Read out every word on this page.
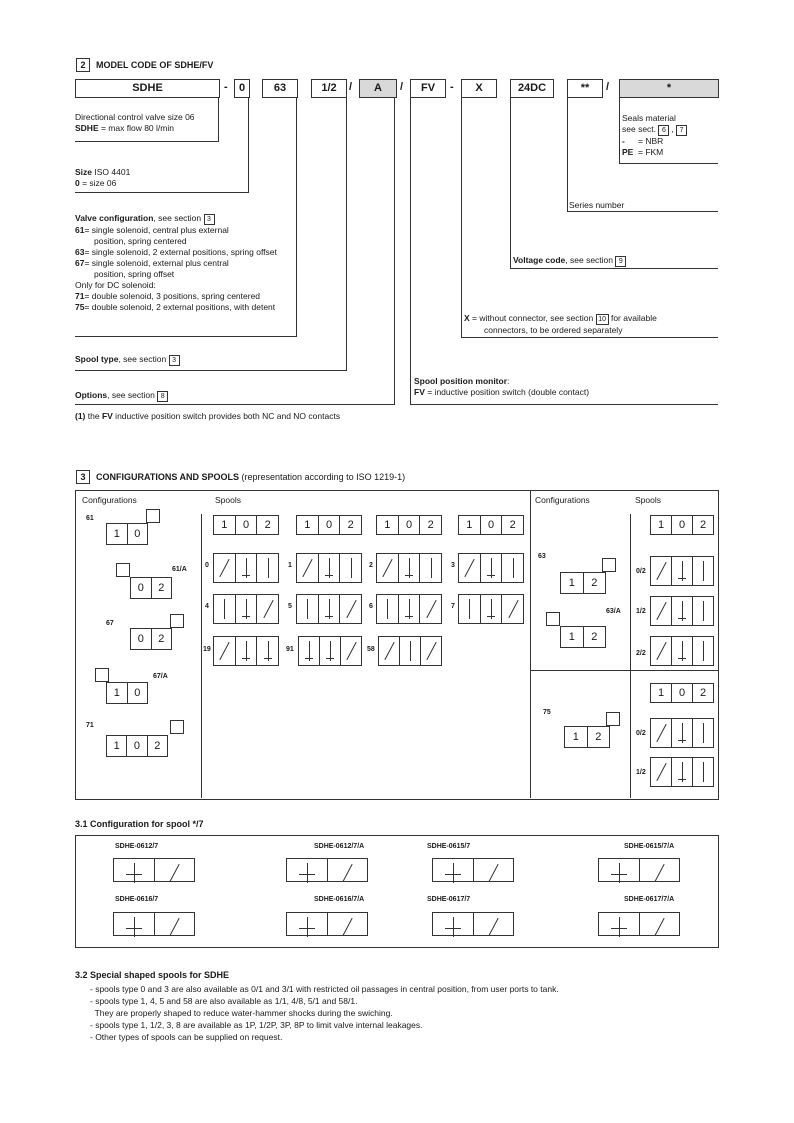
2 MODEL CODE OF SDHE/FV
SDHE	-	0	63	1/2	/	A	/	FV	-	X	24DC	**	/	*
Directional control valve size 06
SDHE = max flow 80 l/min
Size ISO 4401
0 = size 06
Valve configuration, see section 3
61= single solenoid, central plus external
position, spring centered
63= single solenoid, 2 external positions, spring offset
67= single solenoid, external plus central
position, spring offset
Only for DC solenoid:
71= double solenoid, 3 positions, spring centered
75= double solenoid, 2 external positions, with detent
Spool type, see section 3
Options, see section 8
Seals material
see sect. 6 , 7
- = NBR
PE = FKM
Series number
Voltage code, see section 9
X = without connector, see section 10 for available
connectors, to be ordered separately
Spool position monitor:
FV = inductive position switch (double contact)
(1) the FV inductive position switch provides both NC and NO contacts
3 CONFIGURATIONS AND SPOOLS (representation according to ISO 1219-1)
Configurations	Spools	Configurations	Spools
1	0	2	1	0	2	1	0	2	1	0	2	1	0	2
1	0	2
61
1	0
61/A
0	2
67
0	2
67/A
1	0
71
1	0	2
0	1	2	3
4	5	6	7
19	91	58
63
1	2
63/A
1	2
75
1	2
0/2
1/2
2/2
0/2
1/2
3.1 Configuration for spool */7
SDHE-0612/7	SDHE-0612/7/A	SDHE-0615/7	SDHE-0615/7/A
SDHE-0616/7	SDHE-0616/7/A	SDHE-0617/7	SDHE-0617/7/A
3.2 Special shaped spools for SDHE
- spools type 0 and 3 are also available as 0/1 and 3/1 with restricted oil passages in central position, from user ports to tank.
- spools type 1, 4, 5 and 58 are also available as 1/1, 4/8, 5/1 and 58/1.
They are properly shaped to reduce water-hammer shocks during the swiching.
- spools type 1, 1/2, 3, 8 are available as 1P, 1/2P, 3P, 8P to limit valve internal leakages.
- Other types of spools can be supplied on request.
